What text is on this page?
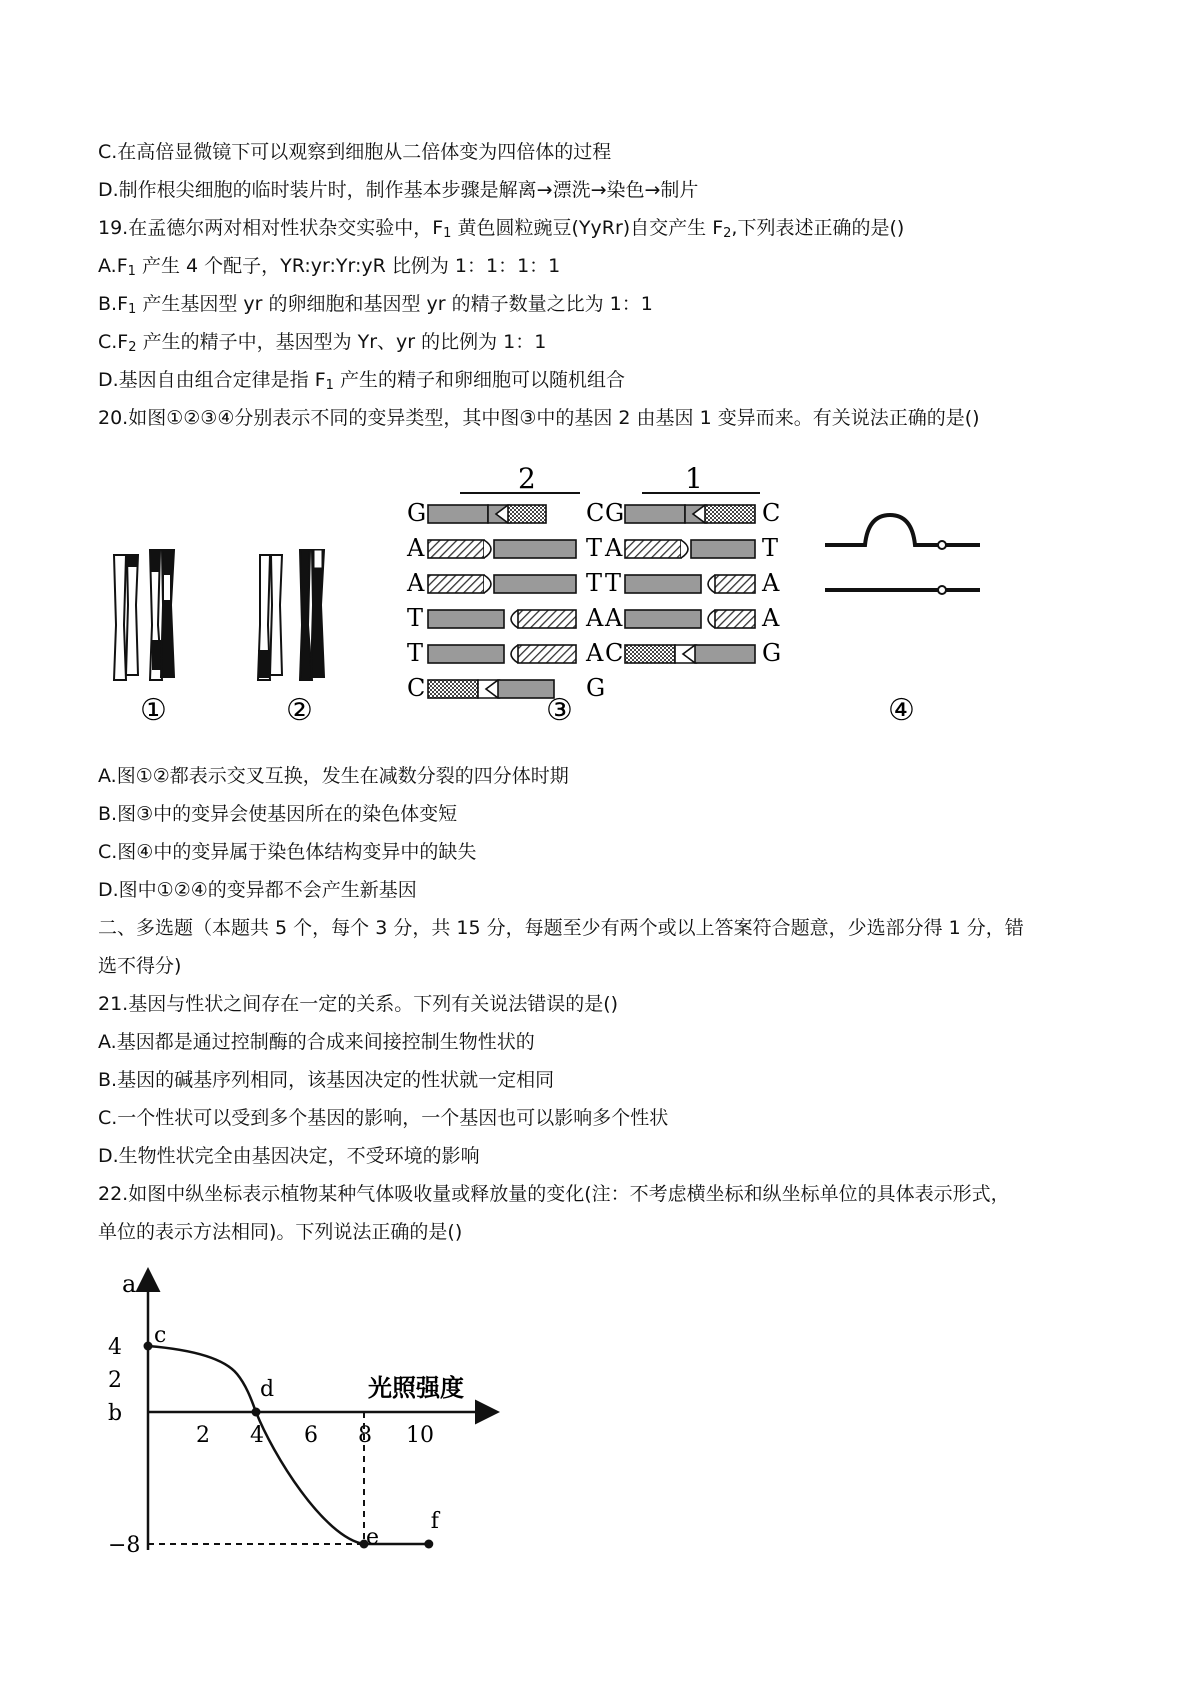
C.在高倍显微镜下可以观察到细胞从二倍体变为四倍体的过程
D.制作根尖细胞的临时装片时，制作基本步骤是解离→漂洗→染色→制片
19.在孟德尔两对相对性状杂交实验中，$F_1$ 黄色圆粒豌豆(YyRr)自交产生 $F_2$,下列表述正确的是()
$A.F_1$ 产生 4 个配子，YR:yr:Yr:yR 比例为 1：1：1：1
$B.F_1$ 产生基因型 yr 的卵细胞和基因型 yr 的精子数量之比为 1：1
$C.F_2$ 产生的精子中，基因型为 Yr、yr 的比例为 1：1
D.基因自由组合定律是指 $F_1$ 产生的精子和卵细胞可以随机组合
20.如图①②③④分别表示不同的变异类型，其中图③中的基因 2 由基因 1 变异而来。有关说法正确的是()
①	②
2	1
G
A
A
T
T
C
C
T
T
A
A
G
G
A
T
A
C
C
T
A
A
G
③	④
A.图①②都表示交叉互换，发生在减数分裂的四分体时期
B.图③中的变异会使基因所在的染色体变短
C.图④中的变异属于染色体结构变异中的缺失
D.图中①②④的变异都不会产生新基因
二、多选题（本题共 5 个，每个 3 分，共 15 分，每题至少有两个或以上答案符合题意，少选部分得 1 分，错
选不得分)
21.基因与性状之间存在一定的关系。下列有关说法错误的是()
A.基因都是通过控制酶的合成来间接控制生物性状的
B.基因的碱基序列相同，该基因决定的性状就一定相同
C.一个性状可以受到多个基因的影响，一个基因也可以影响多个性状
D.生物性状完全由基因决定，不受环境的影响
22.如图中纵坐标表示植物某种气体吸收量或释放量的变化(注：不考虑横坐标和纵坐标单位的具体表示形式，
单位的表示方法相同)。下列说法正确的是()
a
光照强度
4
2
b
−8
2 4 6 8 10
c
d
e
f
